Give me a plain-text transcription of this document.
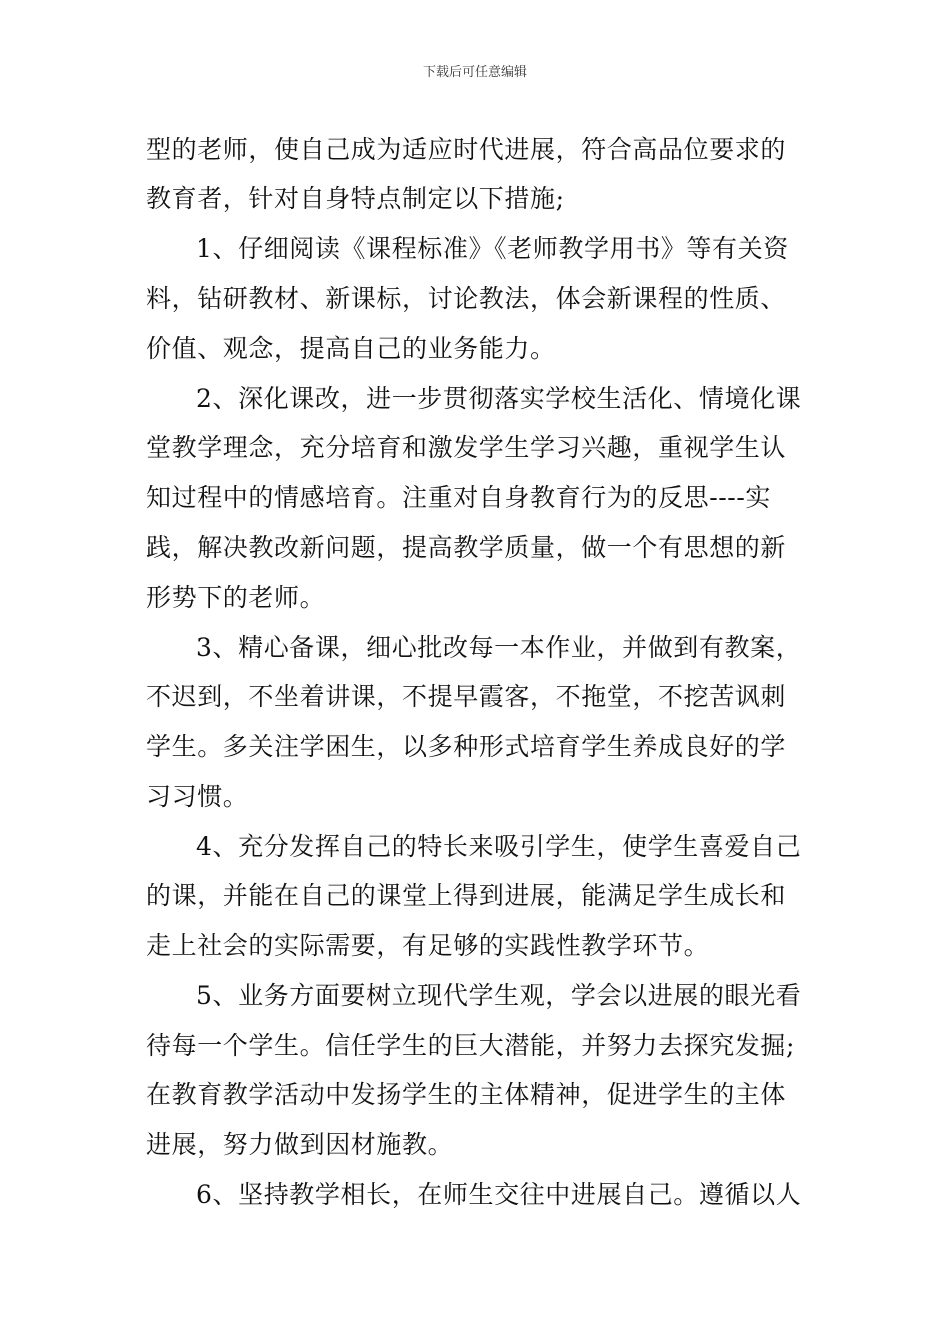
下载后可任意编辑
型的老师，使自己成为适应时代进展，符合高品位要求的
教育者，针对自身特点制定以下措施;
1、仔细阅读《课程标准》《老师教学用书》等有关资
料，钻研教材、新课标，讨论教法，体会新课程的性质、
价值、观念，提高自己的业务能力。
2、深化课改，进一步贯彻落实学校生活化、情境化课
堂教学理念，充分培育和激发学生学习兴趣，重视学生认
知过程中的情感培育。注重对自身教育行为的反思----实
践，解决教改新问题，提高教学质量，做一个有思想的新
形势下的老师。
3、精心备课，细心批改每一本作业，并做到有教案，
不迟到，不坐着讲课，不提早霞客，不拖堂，不挖苦讽刺
学生。多关注学困生，以多种形式培育学生养成良好的学
习习惯。
4、充分发挥自己的特长来吸引学生，使学生喜爱自己
的课，并能在自己的课堂上得到进展，能满足学生成长和
走上社会的实际需要，有足够的实践性教学环节。
5、业务方面要树立现代学生观，学会以进展的眼光看
待每一个学生。信任学生的巨大潜能，并努力去探究发掘;
在教育教学活动中发扬学生的主体精神，促进学生的主体
进展，努力做到因材施教。
6、坚持教学相长，在师生交往中进展自己。遵循以人
